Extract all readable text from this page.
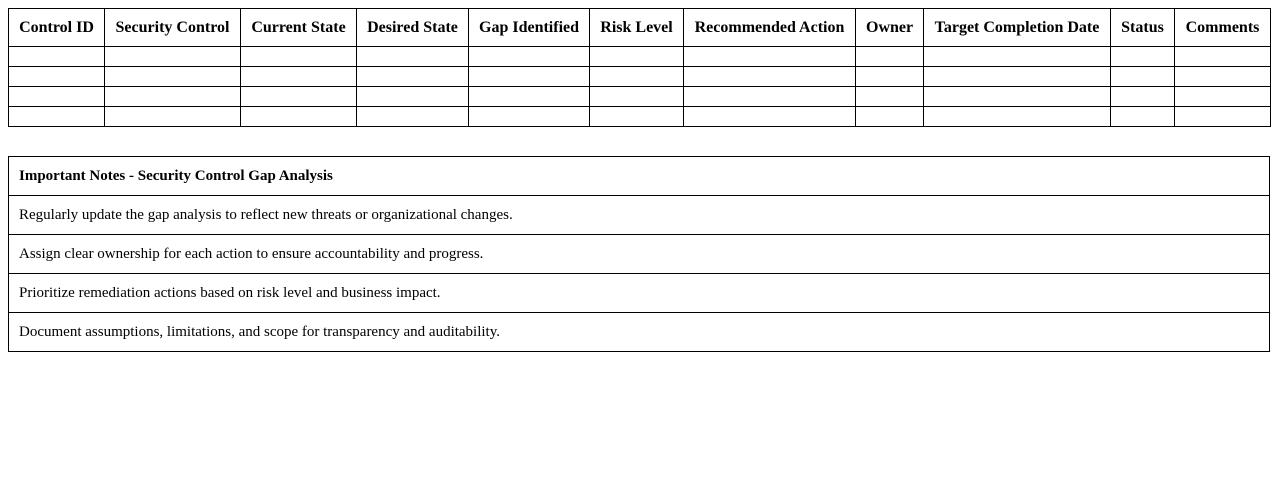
Control ID	Security Control	Current State	Desired State	Gap Identified	Risk Level	Recommended Action	Owner	Target Completion Date	Status	Comments

Important Notes - Security Control Gap Analysis
Regularly update the gap analysis to reflect new threats or organizational changes.
Assign clear ownership for each action to ensure accountability and progress.
Prioritize remediation actions based on risk level and business impact.
Document assumptions, limitations, and scope for transparency and auditability.
